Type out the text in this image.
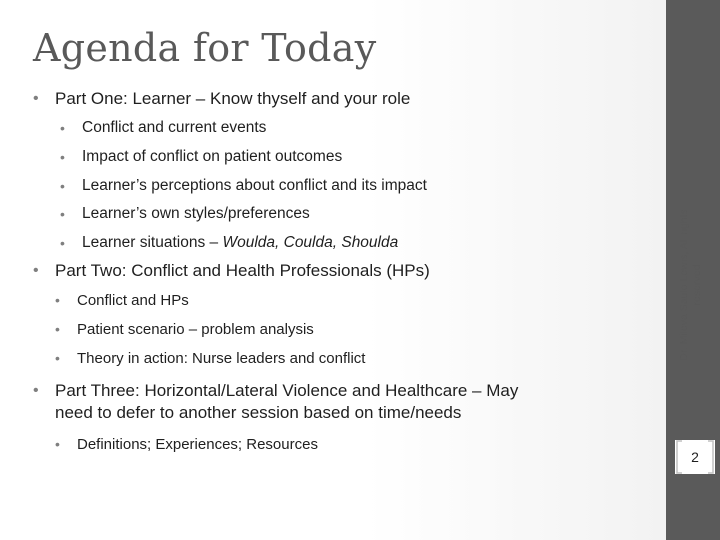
Agenda for Today
• Part One: Learner – Know thyself and your role
• Conflict and current events
• Impact of conflict on patient outcomes
• Learner’s perceptions about conflict and its impact
• Learner’s own styles/preferences
• Learner situations – Woulda, Coulda, Shoulda
• Part Two: Conflict and Health Professionals (HPs)
• Conflict and HPs
• Patient scenario – problem analysis
• Theory in action: Nurse leaders and conflict
• Part Three: Horizontal/Lateral Violence and Healthcare – May
need to defer to another session based on time/needs
• Definitions; Experiences; Resources
Dr. Mileva Saulo Lewis, All rights reserved
2
